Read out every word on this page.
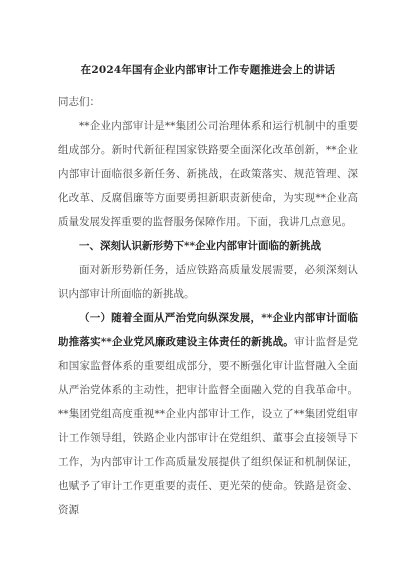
在2024年国有企业内部审计工作专题推进会上的讲话

同志们：

**企业内部审计是**集团公司治理体系和运行机制中的重要组成部分。新时代新征程国家铁路要全面深化改革创新，**企业内部审计面临很多新任务、新挑战，在政策落实、规范管理、深化改革、反腐倡廉等方面要勇担新职责新使命，为实现**企业高质量发展发挥重要的监督服务保障作用。下面，我讲几点意见。

一、深刻认识新形势下**企业内部审计面临的新挑战

面对新形势新任务，适应铁路高质量发展需要，必须深刻认识内部审计所面临的新挑战。

（一）随着全面从严治党向纵深发展，**企业内部审计面临助推落实**企业党风廉政建设主体责任的新挑战。审计监督是党和国家监督体系的重要组成部分，要不断强化审计监督融入全面从严治党体系的主动性，把审计监督全面融入党的自我革命中。**集团党组高度重视**企业内部审计工作，设立了**集团党组审计工作领导组，铁路企业内部审计在党组织、董事会直接领导下工作，为内部审计工作高质量发展提供了组织保证和机制保证，也赋予了审计工作更重要的责任、更光荣的使命。铁路是资金、资源
